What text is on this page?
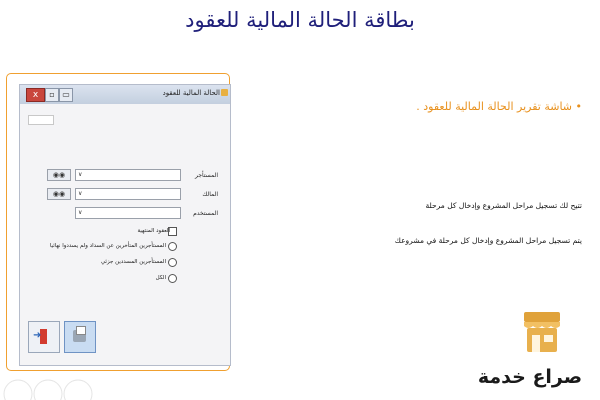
بطاقة الحالة المالية للعقود
x	▫ ▭	الحالة المالية للعقود
المستأجر
∨
◉◉
المالك
∨
◉◉
المستخدم
∨
العقود المنتهية
المستأجرين المتأخرين عن السداد ولم يسددوا نهائيا
المستأجرين المسددين جزئي
الكل
➜
• شاشة تقرير الحالة المالية للعقود .
تتيح لك تسجيل مراحل المشروع وإدخال كل مرحلة
يتم تسجيل مراحل المشروع وإدخال كل مرحلة في مشروعك
صراع خدمة
